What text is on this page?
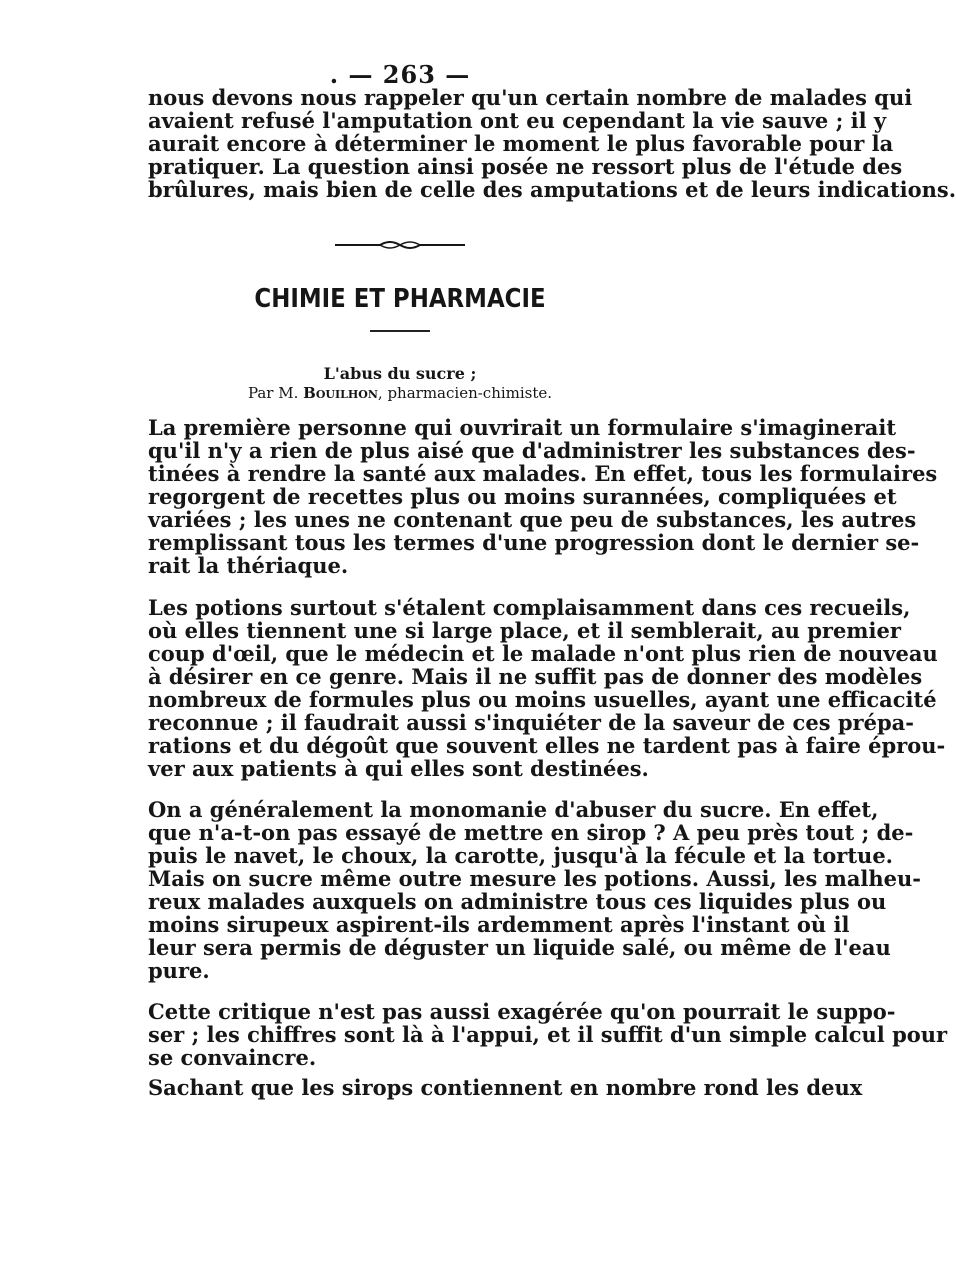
. — 263 —
nous devons nous rappeler qu'un certain nombre de malades qui
avaient refusé l'amputation ont eu cependant la vie sauve ; il y
aurait encore à déterminer le moment le plus favorable pour la
pratiquer. La question ainsi posée ne ressort plus de l'étude des
brûlures, mais bien de celle des amputations et de leurs indications.
CHIMIE ET PHARMACIE
L'abus du sucre ;
Par M. Bouilhon, pharmacien-chimiste.
La première personne qui ouvrirait un formulaire s'imaginerait
qu'il n'y a rien de plus aisé que d'administrer les substances des-
tinées à rendre la santé aux malades. En effet, tous les formulaires
regorgent de recettes plus ou moins surannées, compliquées et
variées ; les unes ne contenant que peu de substances, les autres
remplissant tous les termes d'une progression dont le dernier se-
rait la thériaque.
Les potions surtout s'étalent complaisamment dans ces recueils,
où elles tiennent une si large place, et il semblerait, au premier
coup d'œil, que le médecin et le malade n'ont plus rien de nouveau
à désirer en ce genre. Mais il ne suffit pas de donner des modèles
nombreux de formules plus ou moins usuelles, ayant une efficacité
reconnue ; il faudrait aussi s'inquiéter de la saveur de ces prépa-
rations et du dégoût que souvent elles ne tardent pas à faire éprou-
ver aux patients à qui elles sont destinées.
On a généralement la monomanie d'abuser du sucre. En effet,
que n'a-t-on pas essayé de mettre en sirop ? A peu près tout ; de-
puis le navet, le choux, la carotte, jusqu'à la fécule et la tortue.
Mais on sucre même outre mesure les potions. Aussi, les malheu-
reux malades auxquels on administre tous ces liquides plus ou
moins sirupeux aspirent-ils ardemment après l'instant où il
leur sera permis de déguster un liquide salé, ou même de l'eau
pure.
Cette critique n'est pas aussi exagérée qu'on pourrait le suppo-
ser ; les chiffres sont là à l'appui, et il suffit d'un simple calcul pour
se convaincre.
Sachant que les sirops contiennent en nombre rond les deux
